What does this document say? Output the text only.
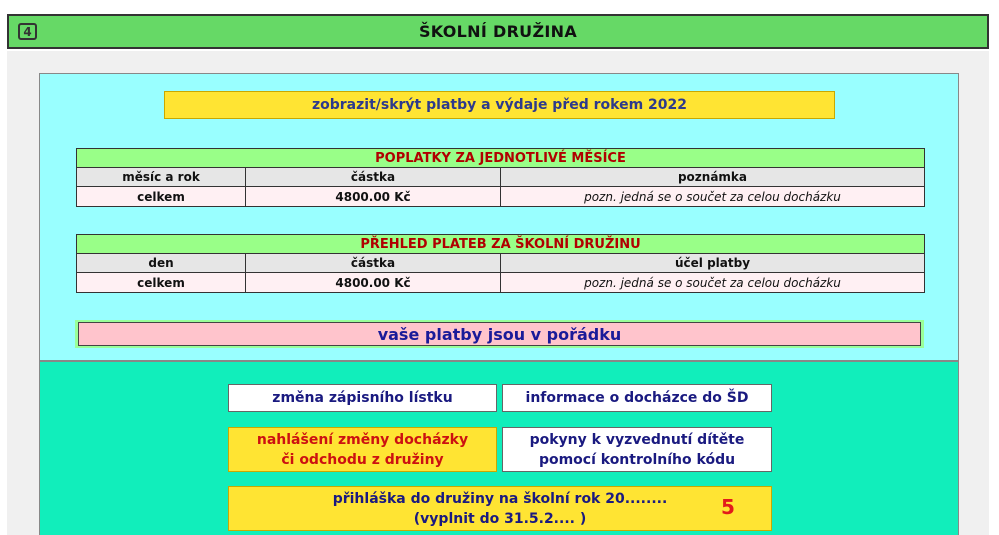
4	ŠKOLNÍ DRUŽINA
zobrazit/skrýt platby a výdaje před rokem 2022
POPLATKY ZA JEDNOTLIVÉ MĚSÍCE		
měsíc a rok	částka	poznámka
celkem	4800.00 Kč	pozn. jedná se o součet za celou docházku
PŘEHLED PLATEB ZA ŠKOLNÍ DRUŽINU		
den	částka	účel platby
celkem	4800.00 Kč	pozn. jedná se o součet za celou docházku
vaše platby jsou v pořádku
změna zápisního lístku	informace o docházce do ŠD
nahlášení změny docházky
či odchodu z družiny
pokyny k vyzvednutí dítěte
pomocí kontrolního kódu
přihláška do družiny na školní rok 20........
(vyplnit do 31.5.2.... )	5
